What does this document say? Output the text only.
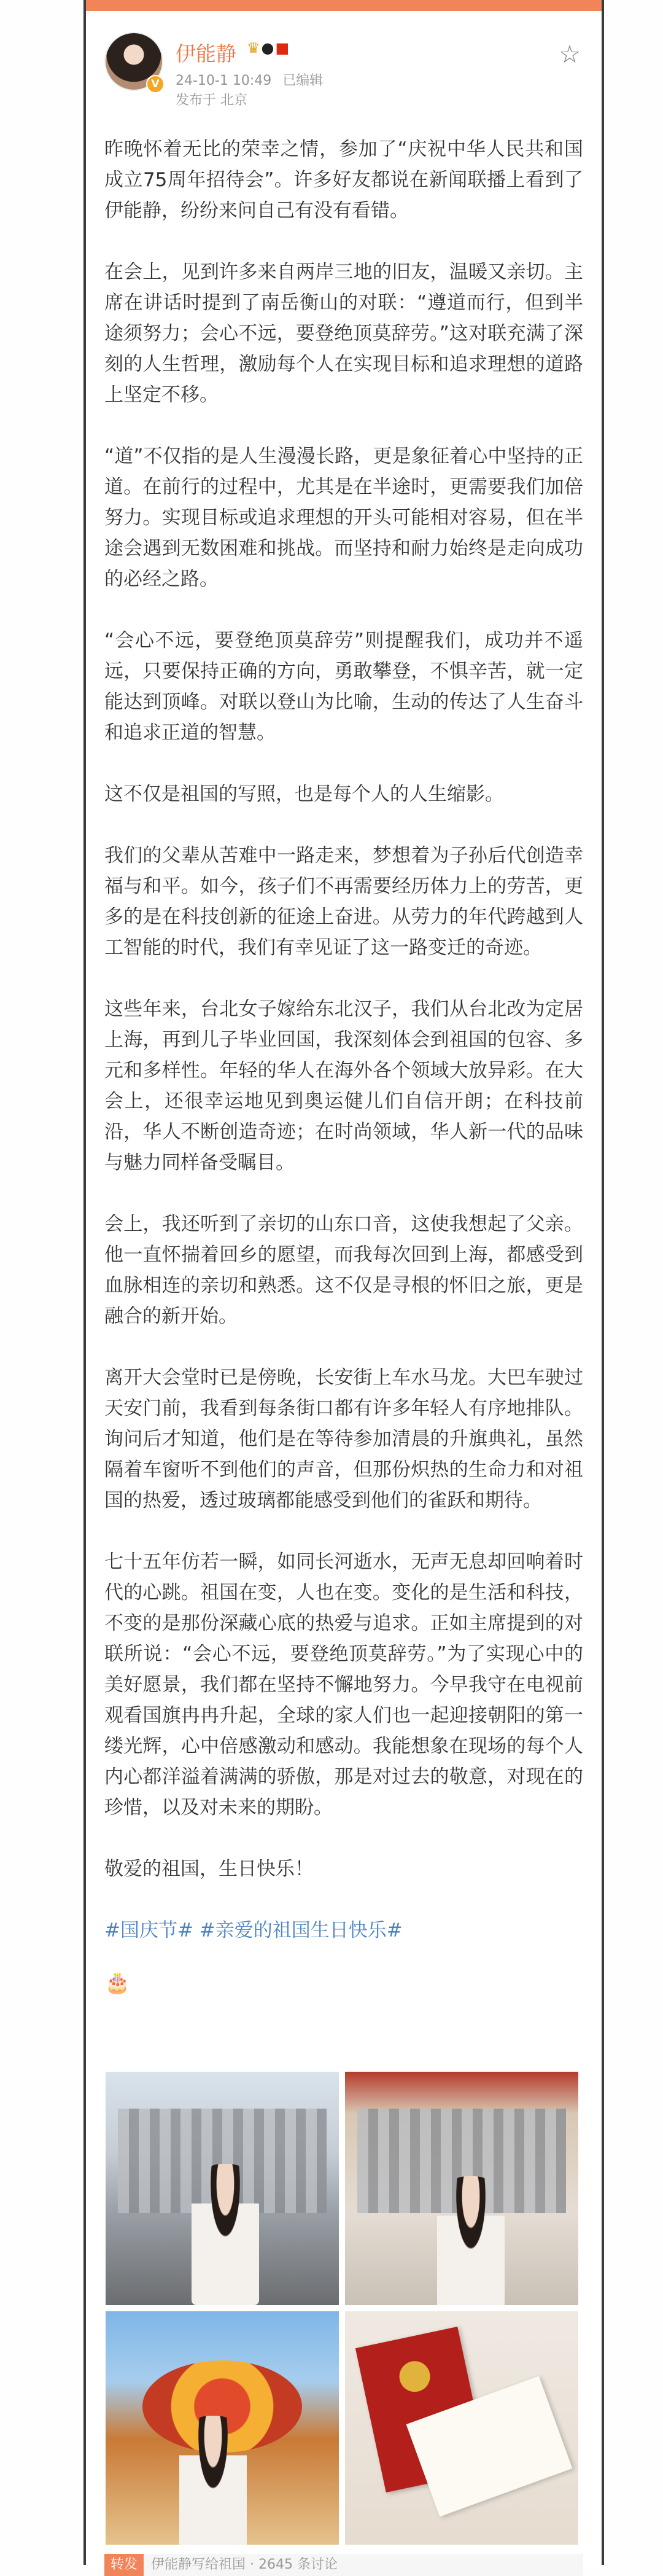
V
伊能静 ♛●■
24-10-1 10:49 已编辑
发布于 北京
☆

昨晚怀着无比的荣幸之情，参加了“庆祝中华人民共和国成立75周年招待会”。许多好友都说在新闻联播上看到了伊能静，纷纷来问自己有没有看错。

在会上，见到许多来自两岸三地的旧友，温暖又亲切。主席在讲话时提到了南岳衡山的对联：“遵道而行，但到半途须努力；会心不远，要登绝顶莫辞劳。”这对联充满了深刻的人生哲理，激励每个人在实现目标和追求理想的道路上坚定不移。

“道”不仅指的是人生漫漫长路，更是象征着心中坚持的正道。在前行的过程中，尤其是在半途时，更需要我们加倍努力。实现目标或追求理想的开头可能相对容易，但在半途会遇到无数困难和挑战。而坚持和耐力始终是走向成功的必经之路。

“会心不远，要登绝顶莫辞劳”则提醒我们，成功并不遥远，只要保持正确的方向，勇敢攀登，不惧辛苦，就一定能达到顶峰。对联以登山为比喻，生动的传达了人生奋斗和追求正道的智慧。

这不仅是祖国的写照，也是每个人的人生缩影。

我们的父辈从苦难中一路走来，梦想着为子孙后代创造幸福与和平。如今，孩子们不再需要经历体力上的劳苦，更多的是在科技创新的征途上奋进。从劳力的年代跨越到人工智能的时代，我们有幸见证了这一路变迁的奇迹。

这些年来，台北女子嫁给东北汉子，我们从台北改为定居上海，再到儿子毕业回国，我深刻体会到祖国的包容、多元和多样性。年轻的华人在海外各个领域大放异彩。在大会上，还很幸运地见到奥运健儿们自信开朗；在科技前沿，华人不断创造奇迹；在时尚领域，华人新一代的品味与魅力同样备受瞩目。

会上，我还听到了亲切的山东口音，这使我想起了父亲。他一直怀揣着回乡的愿望，而我每次回到上海，都感受到血脉相连的亲切和熟悉。这不仅是寻根的怀旧之旅，更是融合的新开始。

离开大会堂时已是傍晚，长安街上车水马龙。大巴车驶过天安门前，我看到每条街口都有许多年轻人有序地排队。询问后才知道，他们是在等待参加清晨的升旗典礼，虽然隔着车窗听不到他们的声音，但那份炽热的生命力和对祖国的热爱，透过玻璃都能感受到他们的雀跃和期待。

七十五年仿若一瞬，如同长河逝水，无声无息却回响着时代的心跳。祖国在变，人也在变。变化的是生活和科技，不变的是那份深藏心底的热爱与追求。正如主席提到的对联所说：“会心不远，要登绝顶莫辞劳。”为了实现心中的美好愿景，我们都在坚持不懈地努力。今早我守在电视前观看国旗冉冉升起，全球的家人们也一起迎接朝阳的第一缕光辉，心中倍感激动和感动。我能想象在现场的每个人内心都洋溢着满满的骄傲，那是对过去的敬意，对现在的珍惜，以及对未来的期盼。

敬爱的祖国，生日快乐！

#国庆节# #亲爱的祖国生日快乐#

🎂

转发 伊能静写给祖国 · 2645 条讨论
